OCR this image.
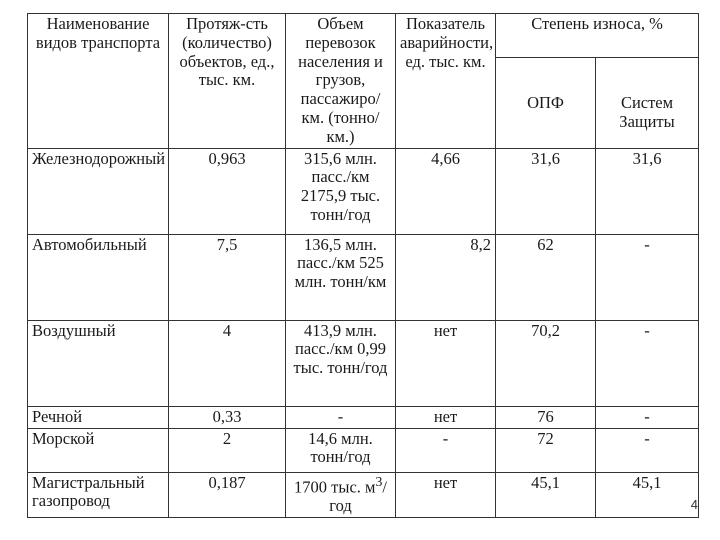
Наименование видов транспорта	Протяж-сть (количество) объектов, ед., тыс. км.	Объем перевозок населения и грузов, пассажиро/км. (тонно/км.)	Показатель аварийности, ед. тыс. км.	Степень износа, %	
				ОПФ	Систем Защиты
Железнодорожный	0,963	315,6 млн. пасс./км 2175,9 тыс. тонн/год	4,66	31,6	31,6
Автомобильный	7,5	136,5 млн. пасс./км 525 млн. тонн/км	8,2	62	-
Воздушный	4	413,9 млн. пасс./км 0,99 тыс. тонн/год	нет	70,2	-
Речной	0,33	-	нет	76	-
Морской	2	14,6 млн. тонн/год	-	72	-
Магистральный газопровод	0,187	1700 тыс. $м^3$/год	нет	45,1	45,1
4
